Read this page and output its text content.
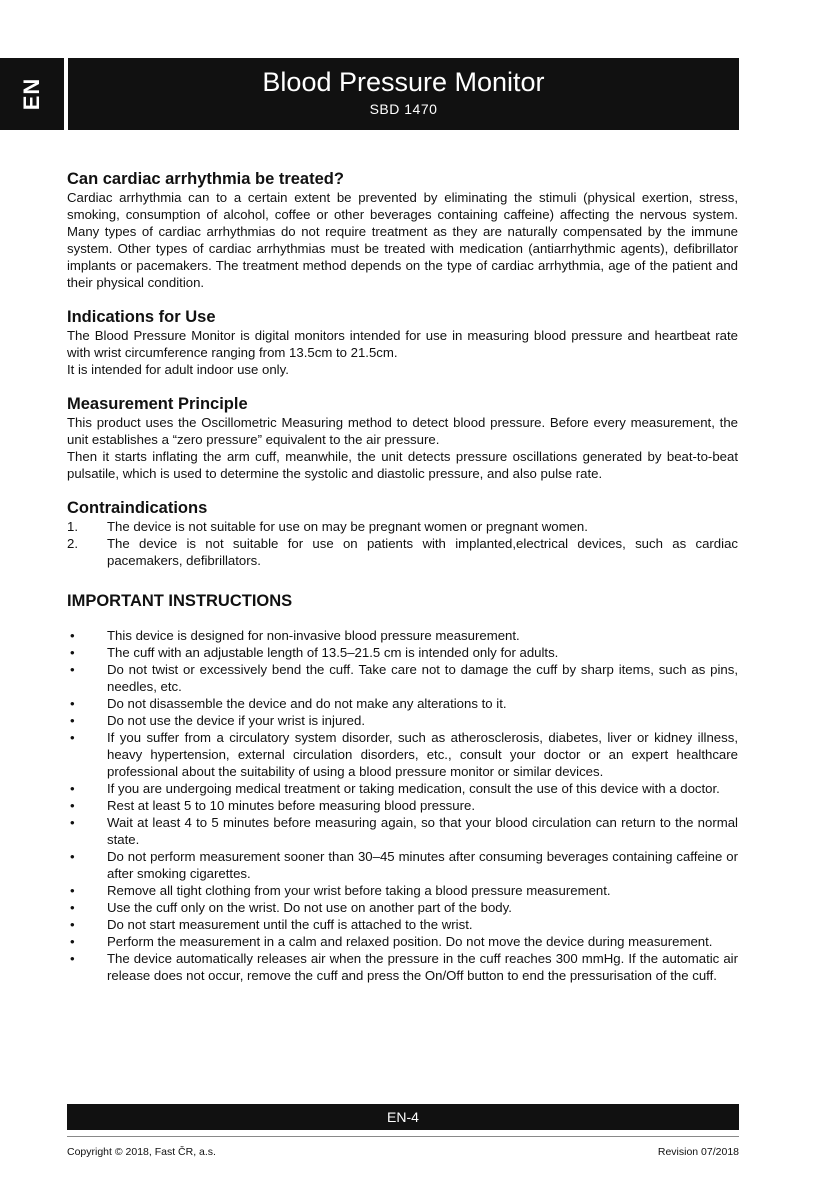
EN	Blood Pressure Monitor
SBD 1470
Can cardiac arrhythmia be treated?

Cardiac arrhythmia can to a certain extent be prevented by eliminating the stimuli (physical exertion, stress, smoking, consumption of alcohol, coffee or other beverages containing caffeine) affecting the nervous system. Many types of cardiac arrhythmias do not require treatment as they are naturally compensated by the immune system. Other types of cardiac arrhythmias must be treated with medication (antiarrhythmic agents), defibrillator implants or pacemakers. The treatment method depends on the type of cardiac arrhythmia, age of the patient and their physical condition.

Indications for Use

The Blood Pressure Monitor is digital monitors intended for use in measuring blood pressure and heartbeat rate with wrist circumference ranging from 13.5cm to 21.5cm.

It is intended for adult indoor use only.

Measurement Principle

This product uses the Oscillometric Measuring method to detect blood pressure. Before every measurement, the unit establishes a “zero pressure” equivalent to the air pressure.

Then it starts inflating the arm cuff, meanwhile, the unit detects pressure oscillations generated by beat-to-beat pulsatile, which is used to determine the systolic and diastolic pressure, and also pulse rate.

Contraindications
1. The device is not suitable for use on may be pregnant women or pregnant women.
2. The device is not suitable for use on patients with implanted,electrical devices, such as cardiac pacemakers, defibrillators.
IMPORTANT INSTRUCTIONS
• This device is designed for non-invasive blood pressure measurement.
• The cuff with an adjustable length of 13.5–21.5 cm is intended only for adults.
• Do not twist or excessively bend the cuff. Take care not to damage the cuff by sharp items, such as pins, needles, etc.
• Do not disassemble the device and do not make any alterations to it.
• Do not use the device if your wrist is injured.
• If you suffer from a circulatory system disorder, such as atherosclerosis, diabetes, liver or kidney illness, heavy hypertension, external circulation disorders, etc., consult your doctor or an expert healthcare professional about the suitability of using a blood pressure monitor or similar devices.
• If you are undergoing medical treatment or taking medication, consult the use of this device with a doctor.
• Rest at least 5 to 10 minutes before measuring blood pressure.
• Wait at least 4 to 5 minutes before measuring again, so that your blood circulation can return to the normal state.
• Do not perform measurement sooner than 30–45 minutes after consuming beverages containing caffeine or after smoking cigarettes.
• Remove all tight clothing from your wrist before taking a blood pressure measurement.
• Use the cuff only on the wrist. Do not use on another part of the body.
• Do not start measurement until the cuff is attached to the wrist.
• Perform the measurement in a calm and relaxed position. Do not move the device during measurement.
• The device automatically releases air when the pressure in the cuff reaches 300 mmHg. If the automatic air release does not occur, remove the cuff and press the On/Off button to end the pressurisation of the cuff.
EN-4
Copyright © 2018, Fast ČR, a.s.	Revision 07/2018
